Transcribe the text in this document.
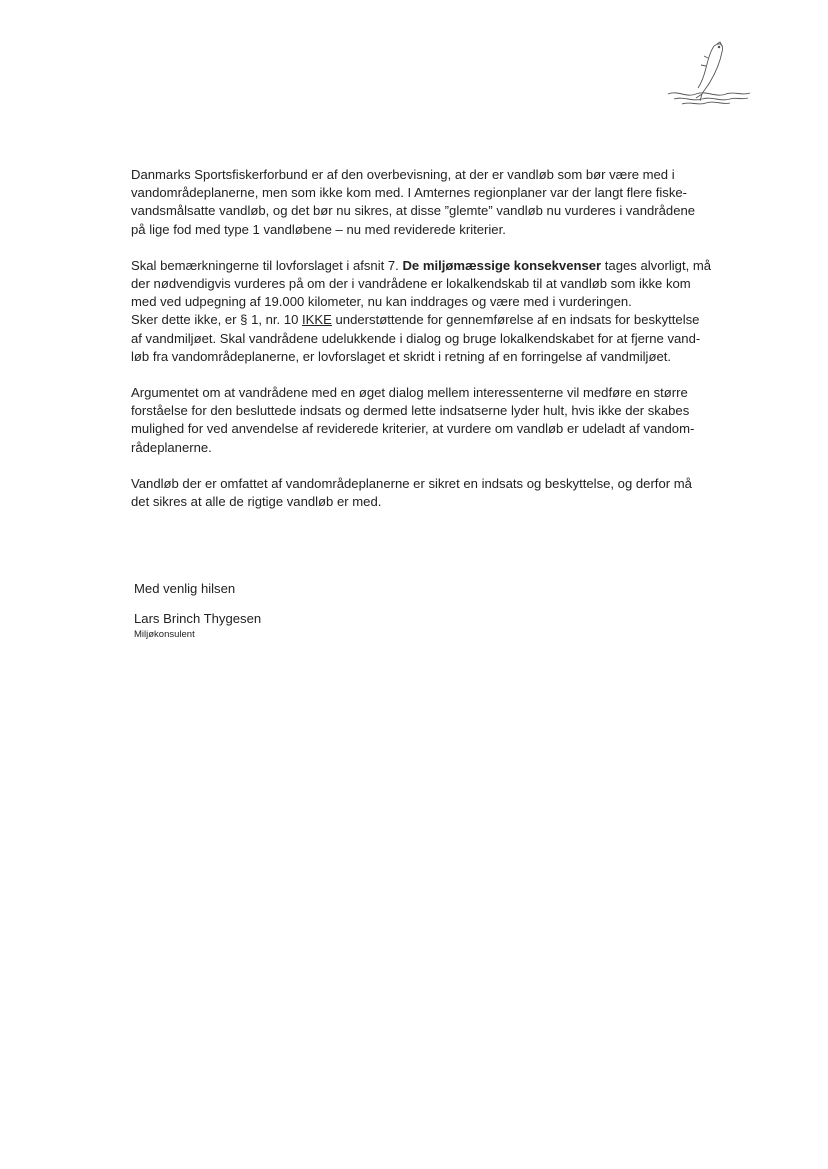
Danmarks Sportsfiskerforbund er af den overbevisning, at der er vandløb som bør være med i
vandområdeplanerne, men som ikke kom med. I Amternes regionplaner var der langt flere fiske-
vandsmålsatte vandløb, og det bør nu sikres, at disse ”glemte” vandløb nu vurderes i vandrådene
på lige fod med type 1 vandløbene – nu med reviderede kriterier.

Skal bemærkningerne til lovforslaget i afsnit 7. De miljømæssige konsekvenser tages alvorligt, må
der nødvendigvis vurderes på om der i vandrådene er lokalkendskab til at vandløb som ikke kom
med ved udpegning af 19.000 kilometer, nu kan inddrages og være med i vurderingen.
Sker dette ikke, er § 1, nr. 10 IKKE understøttende for gennemførelse af en indsats for beskyttelse
af vandmiljøet. Skal vandrådene udelukkende i dialog og bruge lokalkendskabet for at fjerne vand-
løb fra vandområdeplanerne, er lovforslaget et skridt i retning af en forringelse af vandmiljøet.

Argumentet om at vandrådene med en øget dialog mellem interessenterne vil medføre en større
forståelse for den besluttede indsats og dermed lette indsatserne lyder hult, hvis ikke der skabes
mulighed for ved anvendelse af reviderede kriterier, at vurdere om vandløb er udeladt af vandom-
rådeplanerne.

Vandløb der er omfattet af vandområdeplanerne er sikret en indsats og beskyttelse, og derfor må
det sikres at alle de rigtige vandløb er med.

Med venlig hilsen
Lars Brinch Thygesen
Miljøkonsulent
